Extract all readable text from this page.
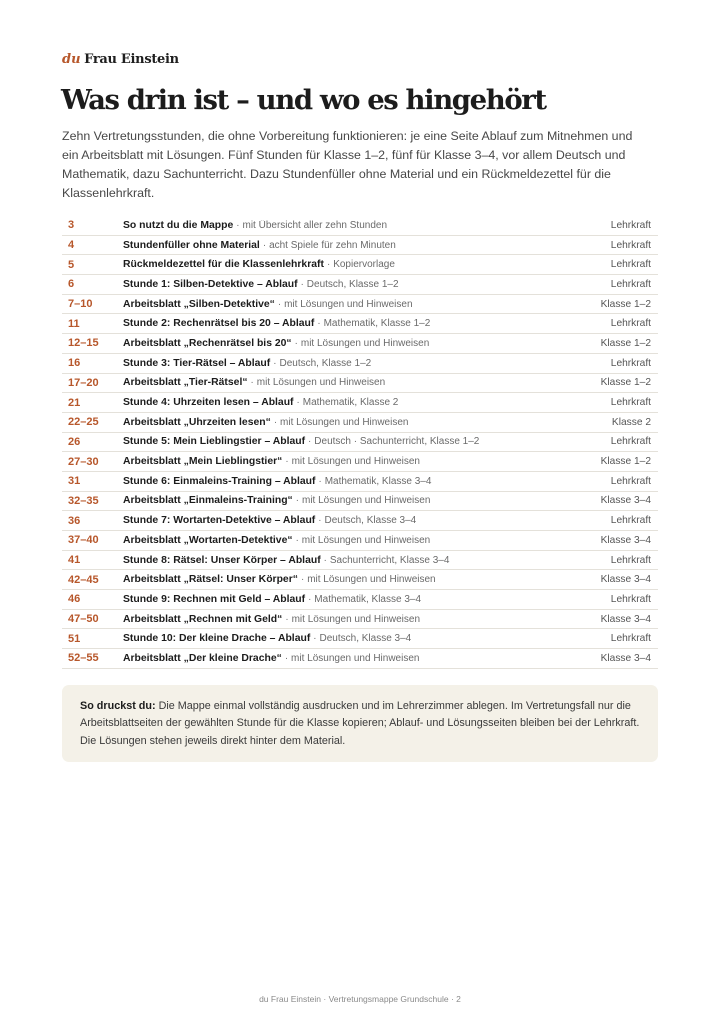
du Frau Einstein
Was drin ist – und wo es hingehört

Zehn Vertretungsstunden, die ohne Vorbereitung funktionieren: je eine Seite Ablauf zum Mitnehmen und ein Arbeitsblatt mit Lösungen. Fünf Stunden für Klasse 1–2, fünf für Klasse 3–4, vor allem Deutsch und Mathematik, dazu Sachunterricht. Dazu Stundenfüller ohne Material und ein Rückmeldezettel für die Klassenlehrkraft.

3	So nutzt du die Mappe · mit Übersicht aller zehn Stunden	Lehrkraft
4	Stundenfüller ohne Material · acht Spiele für zehn Minuten	Lehrkraft
5	Rückmeldezettel für die Klassenlehrkraft · Kopiervorlage	Lehrkraft
6	Stunde 1: Silben-Detektive – Ablauf · Deutsch, Klasse 1–2	Lehrkraft
7–10	Arbeitsblatt „Silben-Detektive“ · mit Lösungen und Hinweisen	Klasse 1–2
11	Stunde 2: Rechenrätsel bis 20 – Ablauf · Mathematik, Klasse 1–2	Lehrkraft
12–15	Arbeitsblatt „Rechenrätsel bis 20“ · mit Lösungen und Hinweisen	Klasse 1–2
16	Stunde 3: Tier-Rätsel – Ablauf · Deutsch, Klasse 1–2	Lehrkraft
17–20	Arbeitsblatt „Tier-Rätsel“ · mit Lösungen und Hinweisen	Klasse 1–2
21	Stunde 4: Uhrzeiten lesen – Ablauf · Mathematik, Klasse 2	Lehrkraft
22–25	Arbeitsblatt „Uhrzeiten lesen“ · mit Lösungen und Hinweisen	Klasse 2
26	Stunde 5: Mein Lieblingstier – Ablauf · Deutsch · Sachunterricht, Klasse 1–2	Lehrkraft
27–30	Arbeitsblatt „Mein Lieblingstier“ · mit Lösungen und Hinweisen	Klasse 1–2
31	Stunde 6: Einmaleins-Training – Ablauf · Mathematik, Klasse 3–4	Lehrkraft
32–35	Arbeitsblatt „Einmaleins-Training“ · mit Lösungen und Hinweisen	Klasse 3–4
36	Stunde 7: Wortarten-Detektive – Ablauf · Deutsch, Klasse 3–4	Lehrkraft
37–40	Arbeitsblatt „Wortarten-Detektive“ · mit Lösungen und Hinweisen	Klasse 3–4
41	Stunde 8: Rätsel: Unser Körper – Ablauf · Sachunterricht, Klasse 3–4	Lehrkraft
42–45	Arbeitsblatt „Rätsel: Unser Körper“ · mit Lösungen und Hinweisen	Klasse 3–4
46	Stunde 9: Rechnen mit Geld – Ablauf · Mathematik, Klasse 3–4	Lehrkraft
47–50	Arbeitsblatt „Rechnen mit Geld“ · mit Lösungen und Hinweisen	Klasse 3–4
51	Stunde 10: Der kleine Drache – Ablauf · Deutsch, Klasse 3–4	Lehrkraft
52–55	Arbeitsblatt „Der kleine Drache“ · mit Lösungen und Hinweisen	Klasse 3–4
So druckst du: Die Mappe einmal vollständig ausdrucken und im Lehrerzimmer ablegen. Im Vertretungsfall nur die Arbeitsblattseiten der gewählten Stunde für die Klasse kopieren; Ablauf- und Lösungsseiten bleiben bei der Lehrkraft. Die Lösungen stehen jeweils direkt hinter dem Material.
du Frau Einstein · Vertretungsmappe Grundschule · 2
